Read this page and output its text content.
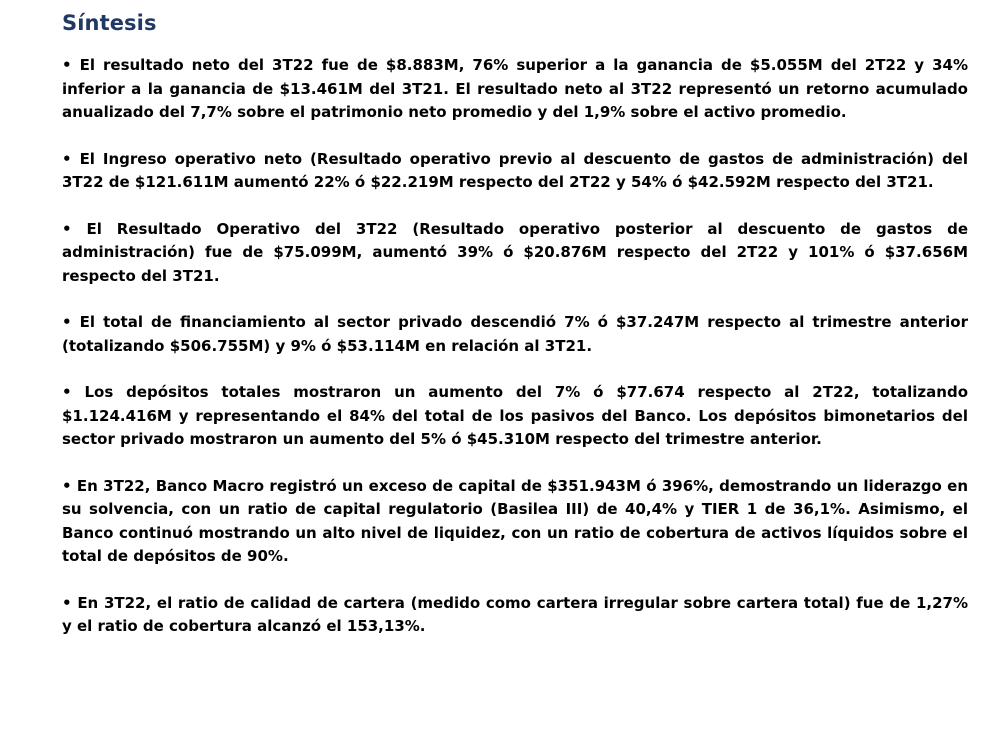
Síntesis
• El resultado neto del 3T22 fue de $8.883M, 76% superior a la ganancia de $5.055M del 2T22 y 34% inferior a la ganancia de $13.461M del 3T21. El resultado neto al 3T22 representó un retorno acumulado anualizado del 7,7% sobre el patrimonio neto promedio y del 1,9% sobre el activo promedio.
• El Ingreso operativo neto (Resultado operativo previo al descuento de gastos de administración) del 3T22 de $121.611M aumentó 22% ó $22.219M respecto del 2T22 y 54% ó $42.592M respecto del 3T21.
• El Resultado Operativo del 3T22 (Resultado operativo posterior al descuento de gastos de administración) fue de $75.099M, aumentó 39% ó $20.876M respecto del 2T22 y 101% ó $37.656M respecto del 3T21.
• El total de financiamiento al sector privado descendió 7% ó $37.247M respecto al trimestre anterior (totalizando $506.755M) y 9% ó $53.114M en relación al 3T21.
• Los depósitos totales mostraron un aumento del 7% ó $77.674 respecto al 2T22, totalizando $1.124.416M y representando el 84% del total de los pasivos del Banco. Los depósitos bimonetarios del sector privado mostraron un aumento del 5% ó $45.310M respecto del trimestre anterior.
• En 3T22, Banco Macro registró un exceso de capital de $351.943M ó 396%, demostrando un liderazgo en su solvencia, con un ratio de capital regulatorio (Basilea III) de 40,4% y TIER 1 de 36,1%. Asimismo, el Banco continuó mostrando un alto nivel de liquidez, con un ratio de cobertura de activos líquidos sobre el total de depósitos de 90%.
• En 3T22, el ratio de calidad de cartera (medido como cartera irregular sobre cartera total) fue de 1,27% y el ratio de cobertura alcanzó el 153,13%.
